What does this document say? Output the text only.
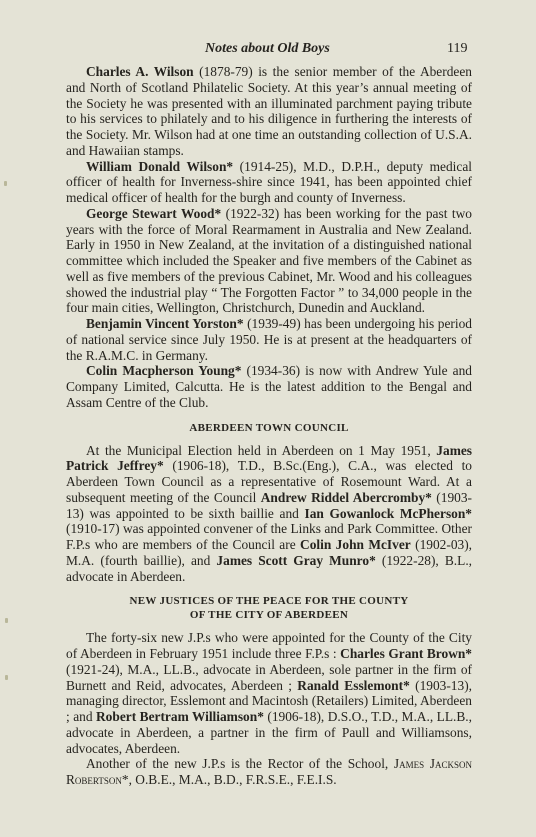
Notes about Old Boys	119

Charles A. Wilson (1878-79) is the senior member of the Aberdeen and North of Scotland Philatelic Society. At this year’s annual meeting of the Society he was presented with an illuminated parchment paying tribute to his services to philately and to his diligence in furthering the interests of the Society. Mr. Wilson had at one time an outstanding collection of U.S.A. and Hawaiian stamps.

William Donald Wilson* (1914-25), M.D., D.P.H., deputy medical officer of health for Inverness-shire since 1941, has been appointed chief medical officer of health for the burgh and county of Inverness.

George Stewart Wood* (1922-32) has been working for the past two years with the force of Moral Rearmament in Australia and New Zealand. Early in 1950 in New Zealand, at the invitation of a distinguished national committee which included the Speaker and five members of the Cabinet as well as five members of the previous Cabinet, Mr. Wood and his colleagues showed the industrial play “ The Forgotten Factor ” to 34,000 people in the four main cities, Wellington, Christchurch, Dunedin and Auckland.

Benjamin Vincent Yorston* (1939-49) has been undergoing his period of national service since July 1950. He is at present at the headquarters of the R.A.M.C. in Germany.

Colin Macpherson Young* (1934-36) is now with Andrew Yule and Company Limited, Calcutta. He is the latest addition to the Bengal and Assam Centre of the Club.

ABERDEEN TOWN COUNCIL

At the Municipal Election held in Aberdeen on 1 May 1951, James Patrick Jeffrey* (1906-18), T.D., B.Sc.(Eng.), C.A., was elected to Aberdeen Town Council as a representative of Rosemount Ward. At a subsequent meeting of the Council Andrew Riddel Abercromby* (1903-13) was appointed to be sixth baillie and Ian Gowanlock McPherson* (1910-17) was appointed convener of the Links and Park Committee. Other F.P.s who are members of the Council are Colin John McIver (1902-03), M.A. (fourth baillie), and James Scott Gray Munro* (1922-28), B.L., advocate in Aberdeen.

NEW JUSTICES OF THE PEACE FOR THE COUNTY
OF THE CITY OF ABERDEEN

The forty-six new J.P.s who were appointed for the County of the City of Aberdeen in February 1951 include three F.P.s : Charles Grant Brown* (1921-24), M.A., LL.B., advocate in Aberdeen, sole partner in the firm of Burnett and Reid, advocates, Aberdeen ; Ranald Esslemont* (1903-13), managing director, Esslemont and Macintosh (Retailers) Limited, Aberdeen ; and Robert Bertram Williamson* (1906-18), D.S.O., T.D., M.A., LL.B., advocate in Aberdeen, a partner in the firm of Paull and Williamsons, advocates, Aberdeen.

Another of the new J.P.s is the Rector of the School, James Jackson Robertson*, O.B.E., M.A., B.D., F.R.S.E., F.E.I.S.
